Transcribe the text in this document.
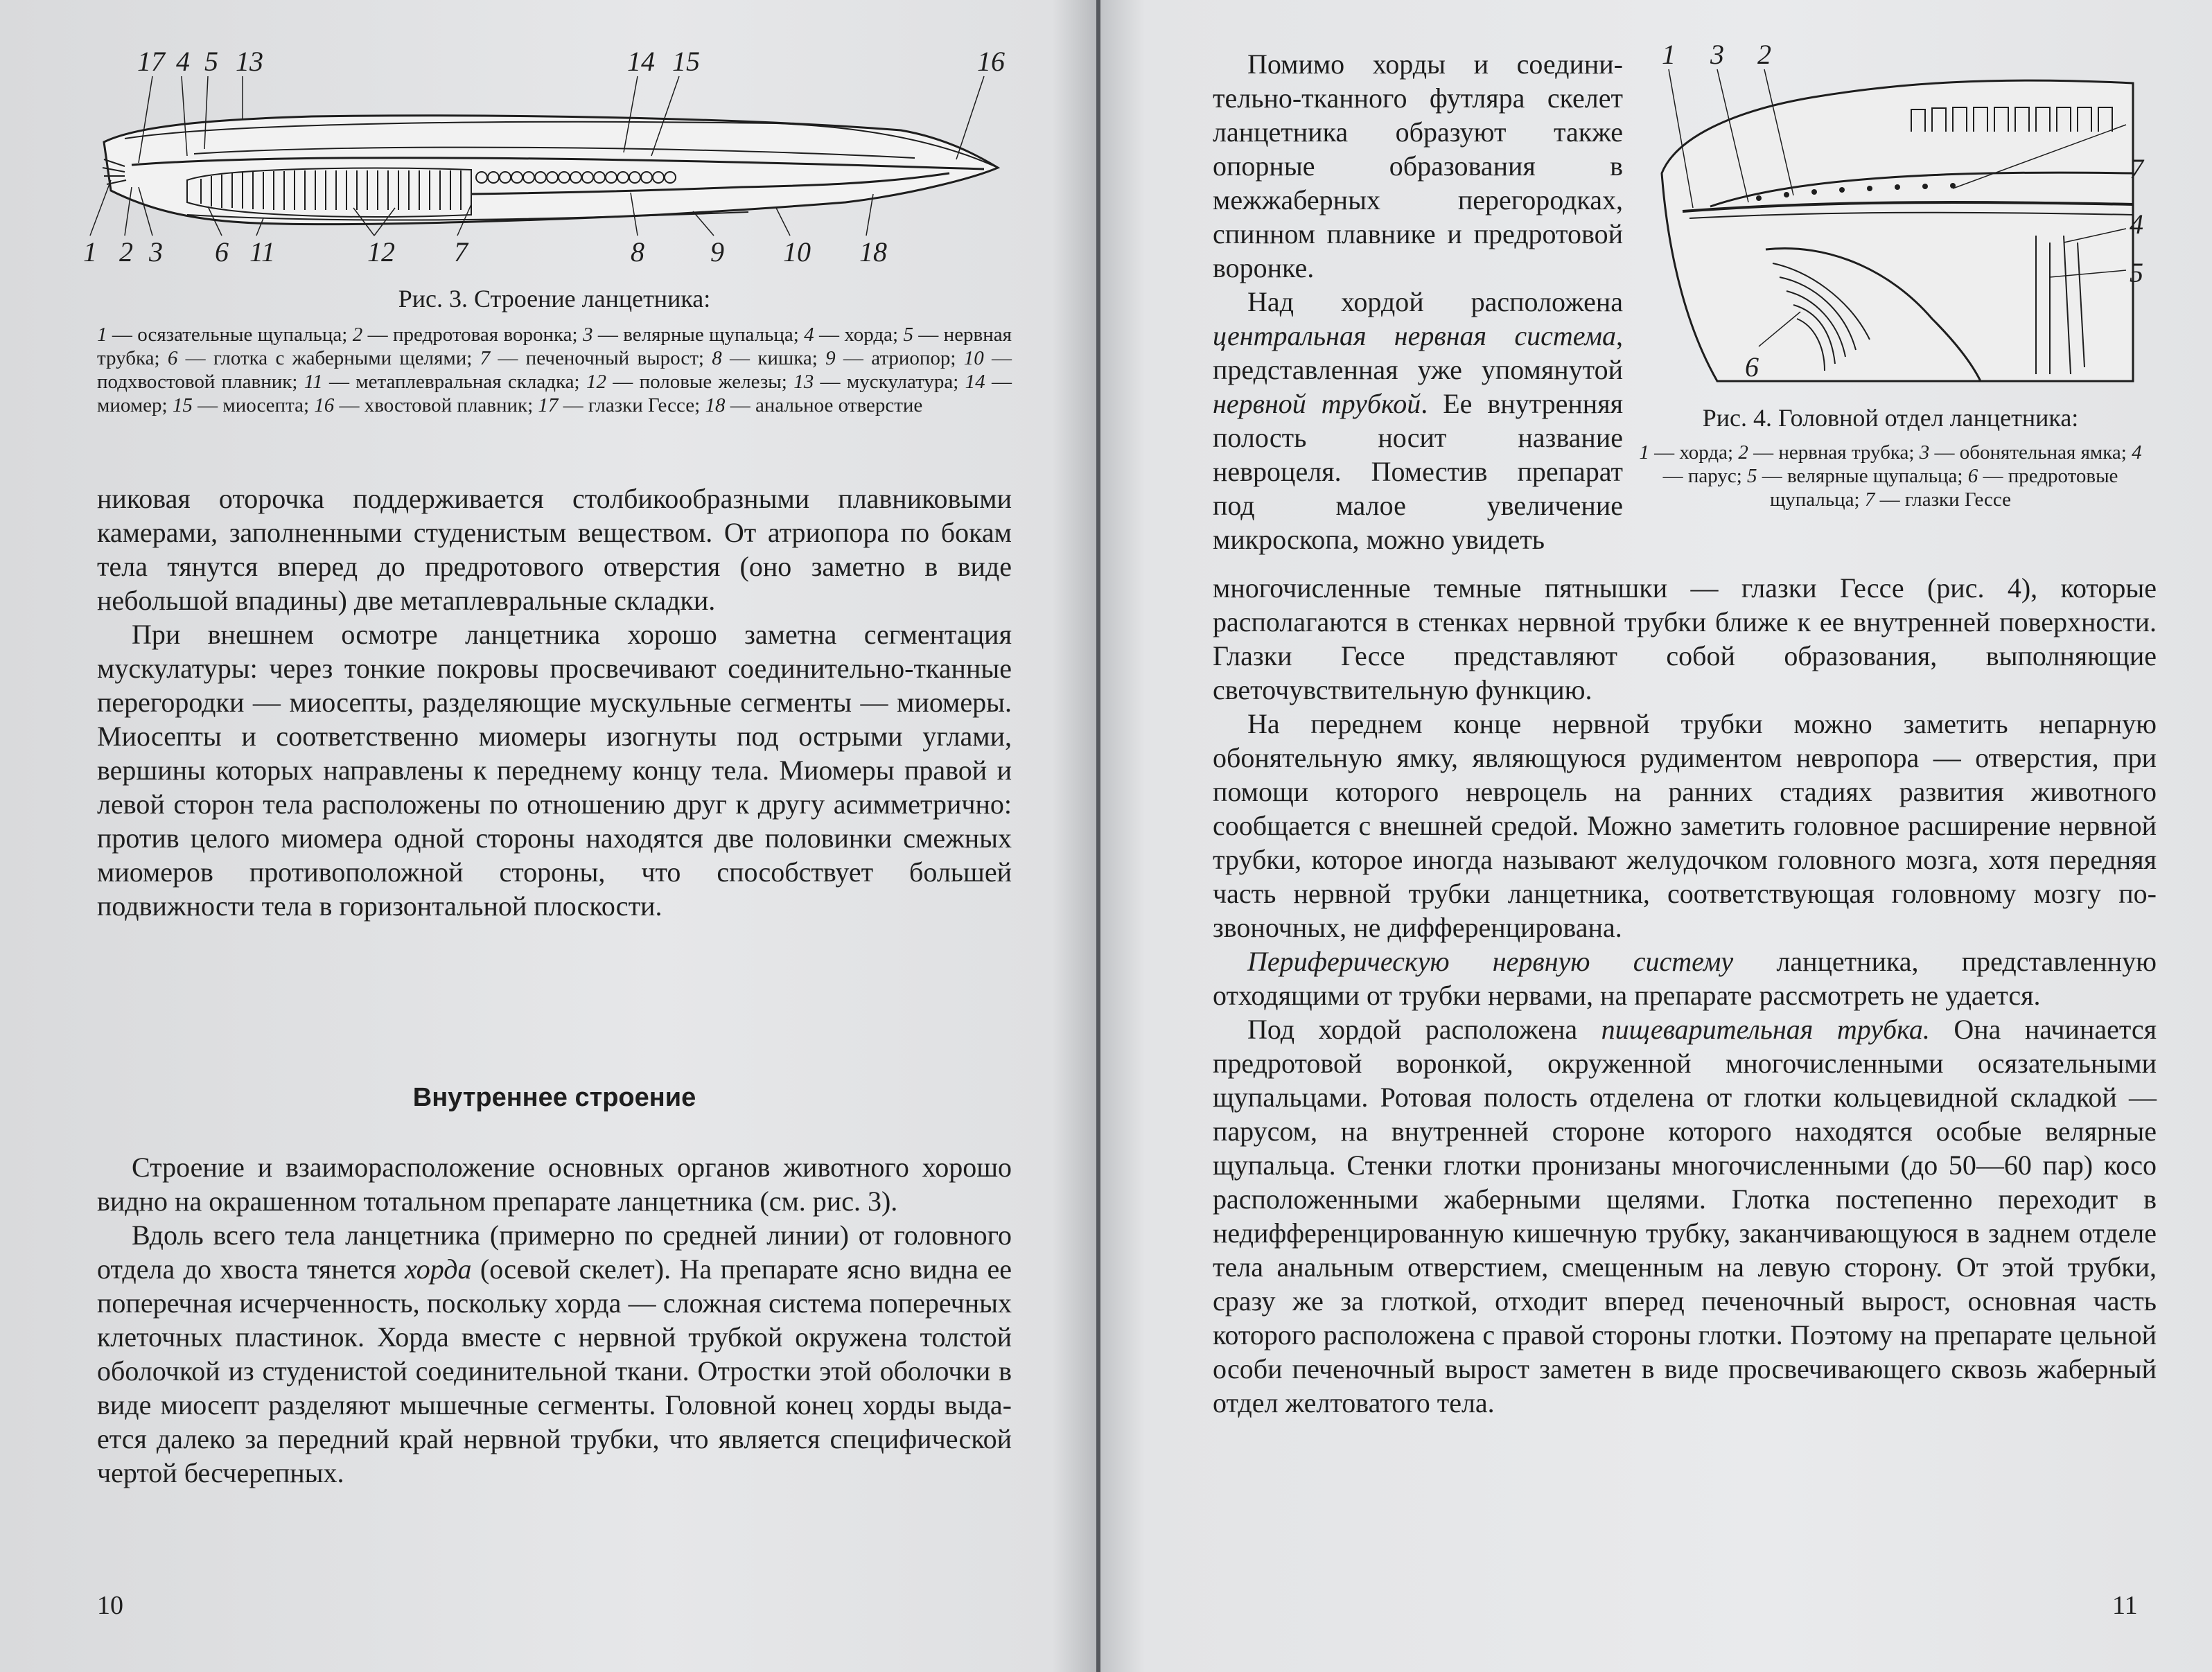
17 4 5 13	14 15	16
1 2 3 6 11	12 7	8 9 10 18
Рис. 3. Строение ланцетника:
1 — осязательные щупальца; 2 — предротовая воронка; 3 — велярные щупальца; 4 — хорда; 5 — нервная трубка; 6 — глотка с жаберными щелями; 7 — печеночный вырост; 8 — кишка; 9 — атриопор; 10 — подхвостовой плавник; 11 — метаплевральная складка; 12 — половые железы; 13 — мускулатура; 14 — миомер; 15 — миосепта; 16 — хвостовой плавник; 17 — глазки Гессе; 18 — анальное отверстие

никовая оторочка поддерживается столбикообразными плавниковыми камерами, заполненными студенистым веществом. От атриопора по бокам тела тянутся вперед до предротового отверстия (оно заметно в виде небольшой впадины) две метаплевральные складки.

При внешнем осмотре ланцетника хорошо заметна сегментация мускулатуры: через тонкие покровы просвечивают соединительно-тканные перегородки — миосепты, разделяющие мускульные сегменты — миомеры. Миосепты и соответственно миомеры изогнуты под острыми углами, вершины которых направлены к переднему концу тела. Миомеры правой и левой сторон тела расположены по отношению друг к другу асимметрично: против целого миомера одной стороны находятся две половинки смежных миомеров противоположной стороны, что способствует большей подвижности тела в горизонтальной плоскости.

Внутреннее строение

Строение и взаиморасположение основных органов животного хорошо видно на окрашенном тотальном препарате ланцетника (см. рис. 3).

Вдоль всего тела ланцетника (примерно по средней линии) от головного отдела до хвоста тянется хорда (осевой скелет). На препарате ясно видна ее поперечная исчерченность, поскольку хорда — сложная система поперечных клеточных пластинок. Хорда вместе с нервной трубкой окружена толстой оболочкой из студенистой соединительной ткани. Отростки этой оболочки в виде миосепт разделяют мышечные сегменты. Головной конец хорды выдается далеко за передний край нервной трубки, что является специфической чертой бесчерепных.

10

Помимо хорды и соединительно-тканного футляра скелет ланцетника образуют также опорные образования в межжаберных перегородках, спинном плавнике и предротовой воронке.

Над хордой расположена центральная нервная система, представленная уже упомянутой нервной трубкой. Ее внутренняя полость носит название невроцеля. Поместив препарат под малое увеличение микроскопа, можно увидеть

1 3 2
7
4
5
6
Рис. 4. Головной отдел ланцетника:
1 — хорда; 2 — нервная трубка; 3 — обонятельная ямка; 4 — парус; 5 — велярные щупальца; 6 — предротовые щупальца; 7 — глазки Гессе

многочисленные темные пятнышки — глазки Гессе (рис. 4), которые располагаются в стенках нервной трубки ближе к ее внутренней поверхности. Глазки Гессе представляют собой образования, выполняющие светочувствительную функцию.

На переднем конце нервной трубки можно заметить непарную обонятельную ямку, являющуюся рудиментом невропора — отверстия, при помощи которого невроцель на ранних стадиях развития животного сообщается с внешней средой. Можно заметить головное расширение нервной трубки, которое иногда называют желудочком головного мозга, хотя передняя часть нервной трубки ланцетника, соответствующая головному мозгу позвоночных, не дифференцирована.

Периферическую нервную систему ланцетника, представленную отходящими от трубки нервами, на препарате рассмотреть не удается.

Под хордой расположена пищеварительная трубка. Она начинается предротовой воронкой, окруженной многочисленными осязательными щупальцами. Ротовая полость отделена от глотки кольцевидной складкой — парусом, на внутренней стороне которого находятся особые велярные щупальца. Стенки глотки пронизаны многочисленными (до 50—60 пар) косо расположенными жаберными щелями. Глотка постепенно переходит в недифференцированную кишечную трубку, заканчивающуюся в заднем отделе тела анальным отверстием, смещенным на левую сторону. От этой трубки, сразу же за глоткой, отходит вперед печеночный вырост, основная часть которого расположена с правой стороны глотки. Поэтому на препарате цельной особи печеночный вырост заметен в виде просвечивающего сквозь жаберный отдел желтоватого тела.

11
